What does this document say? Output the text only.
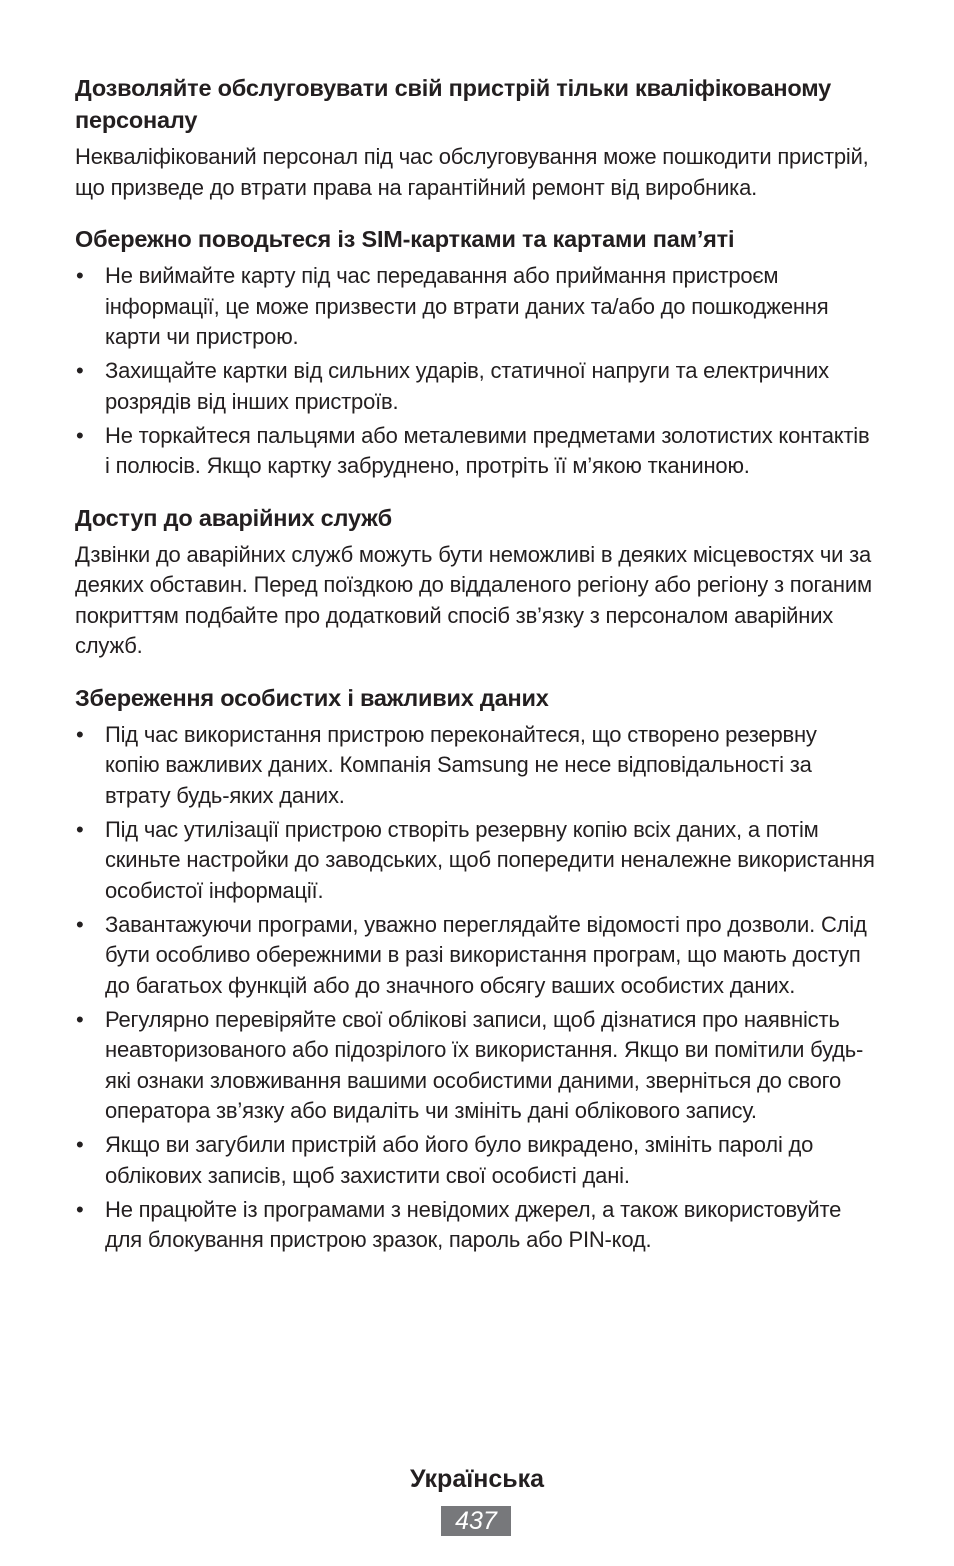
Дозволяйте обслуговувати свій пристрій тільки кваліфікованому персоналу

Некваліфікований персонал під час обслуговування може пошкодити пристрій, що призведе до втрати права на гарантійний ремонт від виробника.

Обережно поводьтеся із SIM-картками та картами пам’яті
• Не виймайте карту під час передавання або приймання пристроєм інформації, це може призвести до втрати даних та/або до пошкодження карти чи пристрою.
• Захищайте картки від сильних ударів, статичної напруги та електричних розрядів від інших пристроїв.
• Не торкайтеся пальцями або металевими предметами золотистих контактів і полюсів. Якщо картку забруднено, протріть її м’якою тканиною.
Доступ до аварійних служб

Дзвінки до аварійних служб можуть бути неможливі в деяких місцевостях чи за деяких обставин. Перед поїздкою до віддаленого регіону або регіону з поганим покриттям подбайте про додатковий спосіб зв’язку з персоналом аварійних служб.

Збереження особистих і важливих даних
• Під час використання пристрою переконайтеся, що створено резервну копію важливих даних. Компанія Samsung не несе відповідальності за втрату будь-яких даних.
• Під час утилізації пристрою створіть резервну копію всіх даних, а потім скиньте настройки до заводських, щоб попередити неналежне використання особистої інформації.
• Завантажуючи програми, уважно переглядайте відомості про дозволи. Слід бути особливо обережними в разі використання програм, що мають доступ до багатьох функцій або до значного обсягу ваших особистих даних.
• Регулярно перевіряйте свої облікові записи, щоб дізнатися про наявність неавторизованого або підозрілого їх використання. Якщо ви помітили будь-які ознаки зловживання вашими особистими даними, зверніться до свого оператора зв’язку або видаліть чи змініть дані облікового запису.
• Якщо ви загубили пристрій або його було викрадено, змініть паролі до облікових записів, щоб захистити свої особисті дані.
• Не працюйте із програмами з невідомих джерел, а також використовуйте для блокування пристрою зразок, пароль або PIN-код.
Українська
437
